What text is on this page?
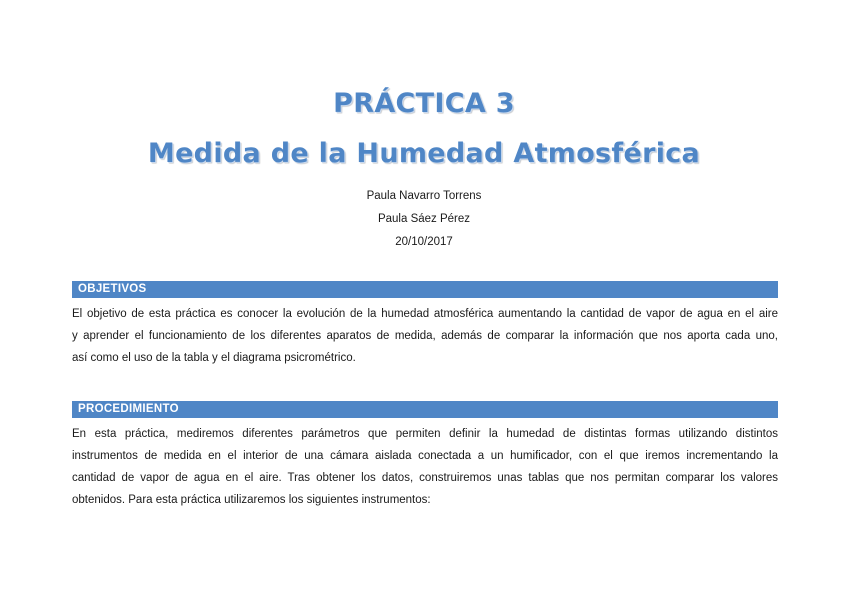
PRÁCTICA 3
Medida de la Humedad Atmosférica
Paula Navarro Torrens
Paula Sáez Pérez
20/10/2017
OBJETIVOS
El objetivo de esta práctica es conocer la evolución de la humedad atmosférica aumentando la cantidad de vapor de agua en el aire
y aprender el funcionamiento de los diferentes aparatos de medida, además de comparar la información que nos aporta cada uno,
así como el uso de la tabla y el diagrama psicrométrico.
PROCEDIMIENTO
En esta práctica, mediremos diferentes parámetros que permiten definir la humedad de distintas formas utilizando distintos
instrumentos de medida en el interior de una cámara aislada conectada a un humificador, con el que iremos incrementando la
cantidad de vapor de agua en el aire. Tras obtener los datos, construiremos unas tablas que nos permitan comparar los valores
obtenidos. Para esta práctica utilizaremos los siguientes instrumentos:
